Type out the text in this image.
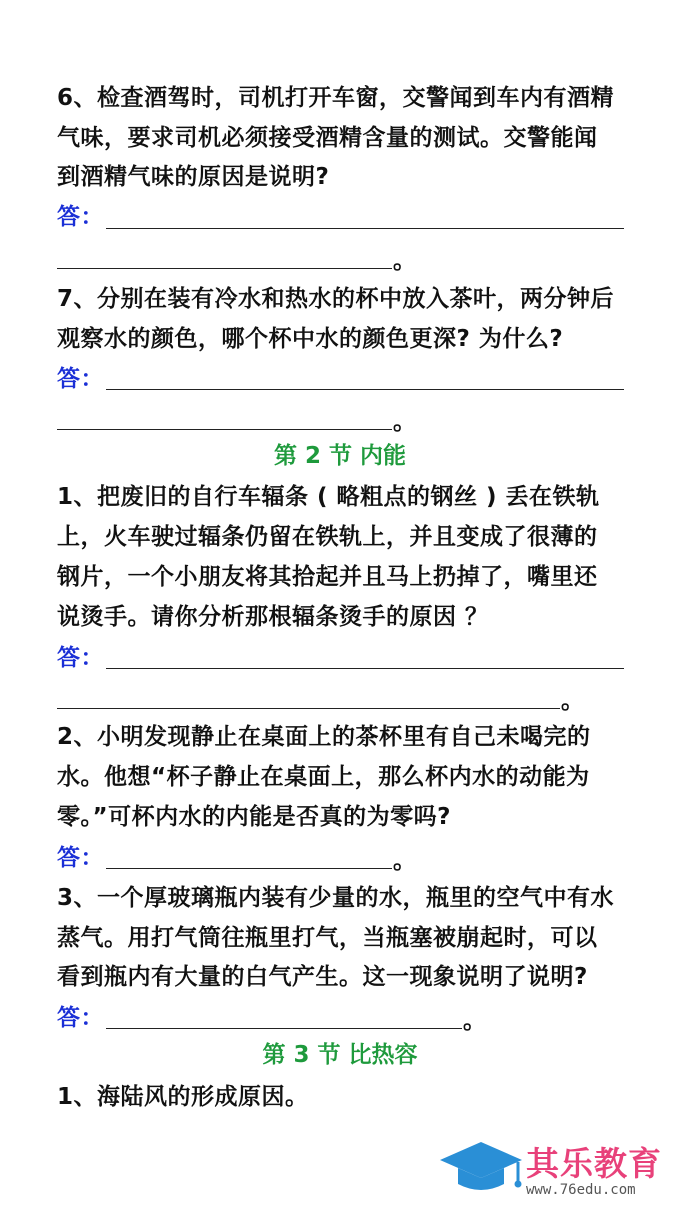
6、检查酒驾时，司机打开车窗，交警闻到车内有酒精
气味，要求司机必须接受酒精含量的测试。交警能闻
到酒精气味的原因是说明?
答：
。
7、分别在装有冷水和热水的杯中放入茶叶，两分钟后
观察水的颜色，哪个杯中水的颜色更深? 为什么?
答：
。
第 2 节 内能
1、把废旧的自行车辐条 ( 略粗点的钢丝 ) 丢在铁轨
上，火车驶过辐条仍留在铁轨上，并且变成了很薄的
钢片，一个小朋友将其拾起并且马上扔掉了，嘴里还
说烫手。请你分析那根辐条烫手的原因 ？
答：
。
2、小明发现静止在桌面上的茶杯里有自己未喝完的
水。他想“杯子静止在桌面上，那么杯内水的动能为
零。”可杯内水的内能是否真的为零吗?
答：	。
3、一个厚玻璃瓶内装有少量的水，瓶里的空气中有水
蒸气。用打气筒往瓶里打气，当瓶塞被崩起时，可以
看到瓶内有大量的白气产生。这一现象说明了说明?
答：	。
第 3 节 比热容
1、海陆风的形成原因。
其乐教育
www.76edu.com
